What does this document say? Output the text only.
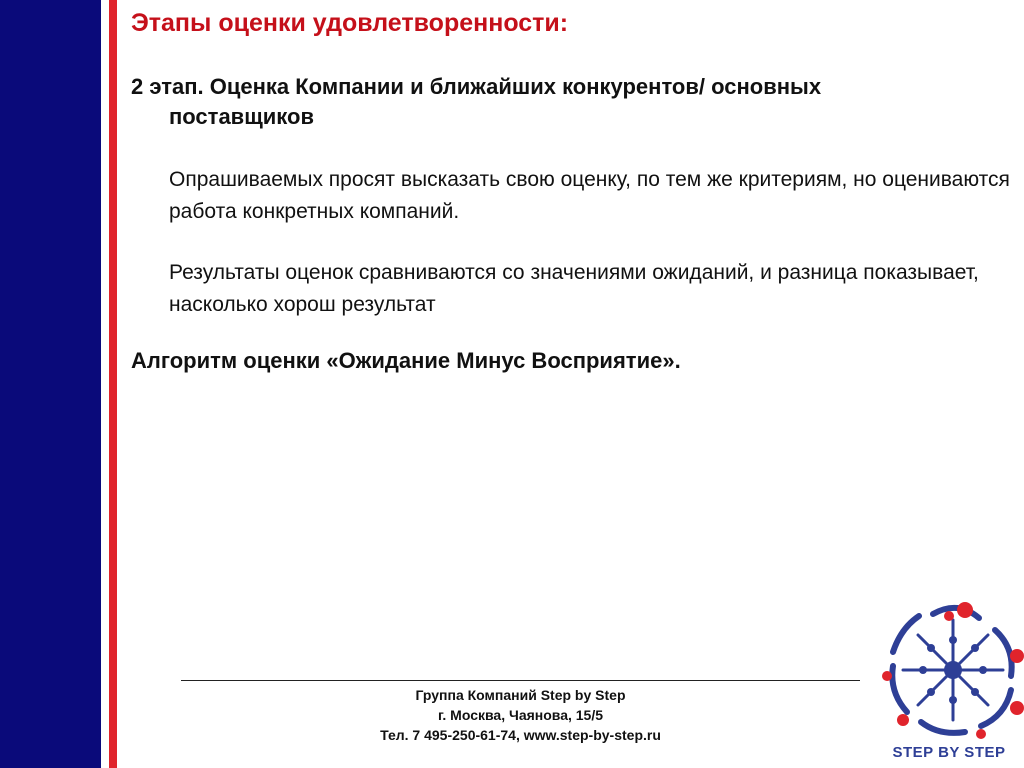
Этапы оценки удовлетворенности:
2 этап. Оценка Компании и ближайших конкурентов/ основных
поставщиков

Опрашиваемых просят высказать свою оценку, по тем же критериям, но оцениваются работа конкретных компаний.

Результаты оценок сравниваются со значениями ожиданий, и разница показывает, насколько хорош результат

Алгоритм оценки «Ожидание Минус Восприятие».

Группа Компаний Step by Step
г. Москва, Чаянова, 15/5
Тел. 7 495-250-61-74, www.step-by-step.ru
STEP BY STEP
